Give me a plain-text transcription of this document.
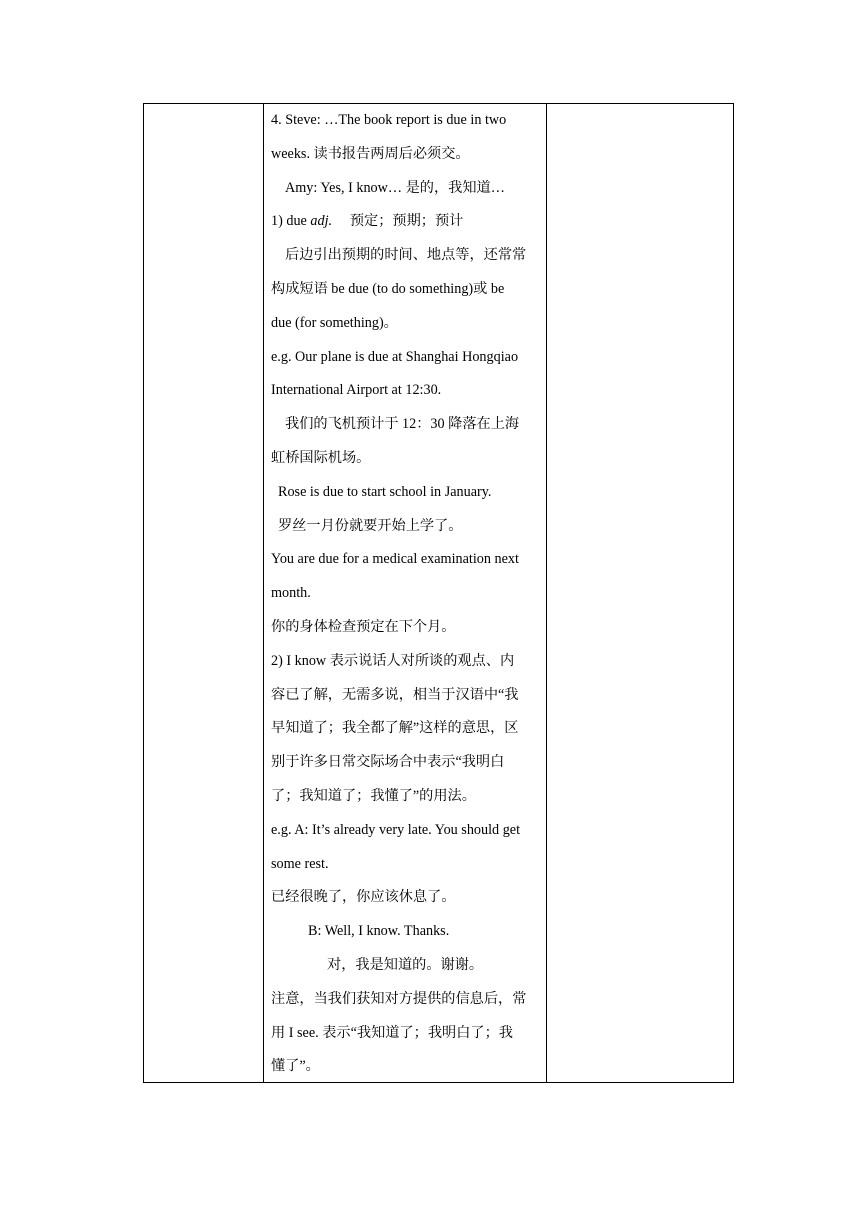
4. Steve: …The book report is due in two
weeks. 读书报告两周后必须交。
Amy: Yes, I know… 是的，我知道…
1) due adj.     预定；预期；预计
后边引出预期的时间、地点等，还常常
构成短语 be due (to do something)或 be
due (for something)。
e.g. Our plane is due at Shanghai Hongqiao
International Airport at 12:30.
我们的飞机预计于 12：30 降落在上海
虹桥国际机场。
Rose is due to start school in January.
罗丝一月份就要开始上学了。
You are due for a medical examination next
month.
你的身体检查预定在下个月。
2) I know 表示说话人对所谈的观点、内
容已了解，无需多说，相当于汉语中“我
早知道了；我全都了解”这样的意思，区
别于许多日常交际场合中表示“我明白
了；我知道了；我懂了”的用法。
e.g. A: It’s already very late. You should get
some rest.
已经很晚了，你应该休息了。
B: Well, I know. Thanks.
对，我是知道的。谢谢。
注意，当我们获知对方提供的信息后，常
用 I see. 表示“我知道了；我明白了；我
懂了”。
